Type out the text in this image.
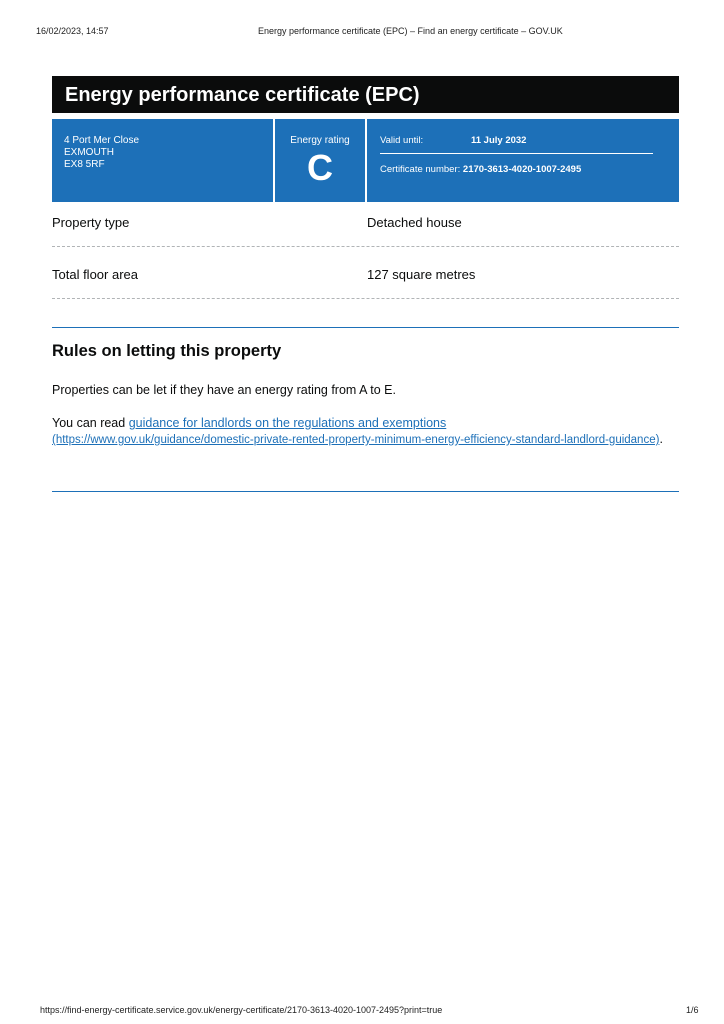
16/02/2023, 14:57	Energy performance certificate (EPC) – Find an energy certificate – GOV.UK
Energy performance certificate (EPC)
4 Port Mer Close
EXMOUTH
EX8 5RF
Energy rating
C
Valid until:	11 July 2032
Certificate number: 2170-3613-4020-1007-2495
Property type	Detached house
Total floor area	127 square metres
Rules on letting this property
Properties can be let if they have an energy rating from A to E.
You can read guidance for landlords on the regulations and exemptions
(https://www.gov.uk/guidance/domestic-private-rented-property-minimum-energy-efficiency-standard-landlord-guidance).
https://find-energy-certificate.service.gov.uk/energy-certificate/2170-3613-4020-1007-2495?print=true	1/6
